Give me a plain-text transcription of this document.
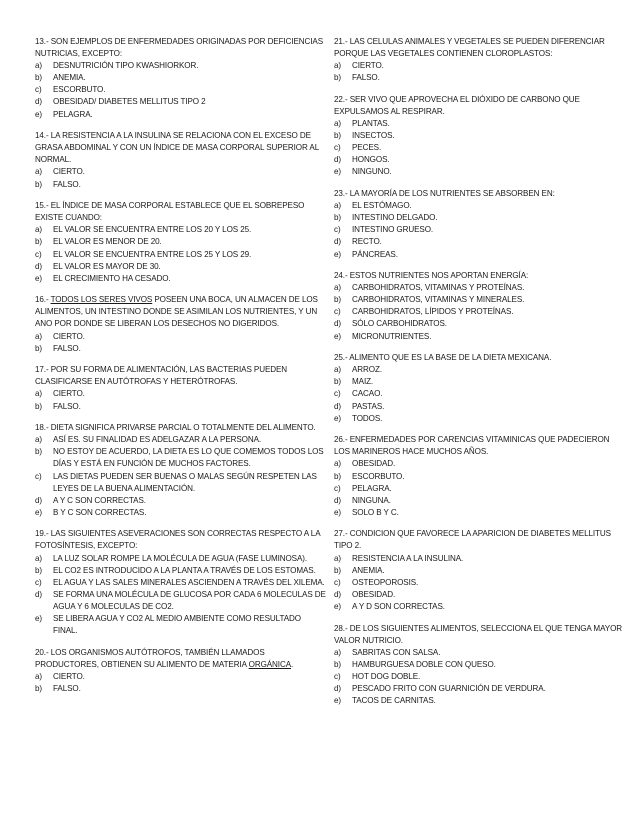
13.- SON EJEMPLOS DE ENFERMEDADES ORIGINADAS POR DEFICIENCIAS NUTRICIAS, EXCEPTO:
a)	DESNUTRICIÓN TIPO KWASHIORKOR.
b)	ANEMIA.
c)	ESCORBUTO.
d)	OBESIDAD/ DIABETES MELLITUS TIPO 2
e)	PELAGRA.
14.- LA RESISTENCIA A LA INSULINA SE RELACIONA CON EL EXCESO DE GRASA ABDOMINAL Y CON UN ÍNDICE DE MASA CORPORAL SUPERIOR AL NORMAL.
a)	CIERTO.
b)	FALSO.
15.- EL ÍNDICE DE MASA CORPORAL ESTABLECE QUE EL SOBREPESO EXISTE CUANDO:
a)	EL VALOR SE ENCUENTRA ENTRE LOS 20 Y LOS 25.
b)	EL VALOR ES MENOR DE 20.
c)	EL VALOR SE ENCUENTRA ENTRE LOS 25 Y LOS 29.
d)	EL VALOR ES MAYOR DE 30.
e)	EL CRECIMIENTO HA CESADO.
16.- TODOS LOS SERES VIVOS POSEEN UNA BOCA, UN ALMACEN DE LOS ALIMENTOS, UN INTESTINO DONDE SE ASIMILAN LOS NUTRIENTES, Y UN ANO POR DONDE SE LIBERAN LOS DESECHOS NO DIGERIDOS.
a)	CIERTO.
b)	FALSO.
17.- POR SU FORMA DE ALIMENTACIÓN, LAS BACTERIAS PUEDEN CLASIFICARSE EN AUTÓTROFAS Y HETERÓTROFAS.
a)	CIERTO.
b)	FALSO.
18.- DIETA SIGNIFICA PRIVARSE PARCIAL O TOTALMENTE DEL ALIMENTO.
a)	ASÍ ES. SU FINALIDAD ES ADELGAZAR A LA PERSONA.
b)	NO ESTOY DE ACUERDO, LA DIETA ES LO QUE COMEMOS TODOS LOS DÍAS Y ESTÁ EN FUNCIÓN DE MUCHOS FACTORES.
c)	LAS DIETAS PUEDEN SER BUENAS O MALAS SEGÚN RESPETEN LAS LEYES DE LA BUENA ALIMENTACIÓN.
d)	A Y C SON CORRECTAS.
e)	B Y C SON CORRECTAS.
19.- LAS SIGUIENTES ASEVERACIONES SON CORRECTAS RESPECTO A LA FOTOSÍNTESIS, EXCEPTO:
a)	LA LUZ SOLAR ROMPE LA MOLÉCULA DE AGUA (FASE LUMINOSA).
b)	EL CO2 ES INTRODUCIDO A LA PLANTA A TRAVÉS DE LOS ESTOMAS.
c)	EL AGUA Y LAS SALES MINERALES ASCIENDEN A TRAVÉS DEL XILEMA.
d)	SE FORMA UNA MOLÉCULA DE GLUCOSA POR CADA 6 MOLECULAS DE AGUA Y 6 MOLECULAS DE CO2.
e)	SE LIBERA AGUA Y CO2 AL MEDIO AMBIENTE COMO RESULTADO FINAL.
20.- LOS ORGANISMOS AUTÓTROFOS, TAMBIÉN LLAMADOS PRODUCTORES, OBTIENEN SU ALIMENTO DE MATERIA ORGÁNICA.
a)	CIERTO.
b)	FALSO.
21.- LAS CELULAS ANIMALES Y VEGETALES SE PUEDEN DIFERENCIAR PORQUE LAS VEGETALES CONTIENEN CLOROPLASTOS:
a)	CIERTO.
b)	FALSO.
22.- SER VIVO QUE APROVECHA EL DIÓXIDO DE CARBONO QUE EXPULSAMOS AL RESPIRAR.
a)	PLANTAS.
b)	INSECTOS.
c)	PECES.
d)	HONGOS.
e)	NINGUNO.
23.- LA MAYORÍA DE LOS NUTRIENTES SE ABSORBEN EN:
a)	EL ESTÓMAGO.
b)	INTESTINO DELGADO.
c)	INTESTINO GRUESO.
d)	RECTO.
e)	PÁNCREAS.
24.- ESTOS NUTRIENTES NOS APORTAN ENERGÍA:
a)	CARBOHIDRATOS, VITAMINAS Y PROTEÍNAS.
b)	CARBOHIDRATOS, VITAMINAS Y MINERALES.
c)	CARBOHIDRATOS, LÍPIDOS Y PROTEÍNAS.
d)	SÓLO CARBOHIDRATOS.
e)	MICRONUTRIENTES.
25.- ALIMENTO QUE ES LA BASE DE LA DIETA MEXICANA.
a)	ARROZ.
b)	MAIZ.
c)	CACAO.
d)	PASTAS.
e)	TODOS.
26.- ENFERMEDADES POR CARENCIAS VITAMINICAS QUE PADECIERON LOS MARINEROS HACE MUCHOS AÑOS.
a)	OBESIDAD.
b)	ESCORBUTO.
c)	PELAGRA.
d)	NINGUNA.
e)	SOLO B Y C.
27.- CONDICION QUE FAVORECE LA APARICION DE DIABETES MELLITUS TIPO 2.
a)	RESISTENCIA A LA INSULINA.
b)	ANEMIA.
c)	OSTEOPOROSIS.
d)	OBESIDAD.
e)	A Y D SON CORRECTAS.
28.- DE LOS SIGUIENTES ALIMENTOS, SELECCIONA EL QUE TENGA MAYOR VALOR NUTRICIO.
a)	SABRITAS CON SALSA.
b)	HAMBURGUESA DOBLE CON QUESO.
c)	HOT DOG DOBLE.
d)	PESCADO FRITO CON GUARNICIÓN DE VERDURA.
e)	TACOS DE CARNITAS.
